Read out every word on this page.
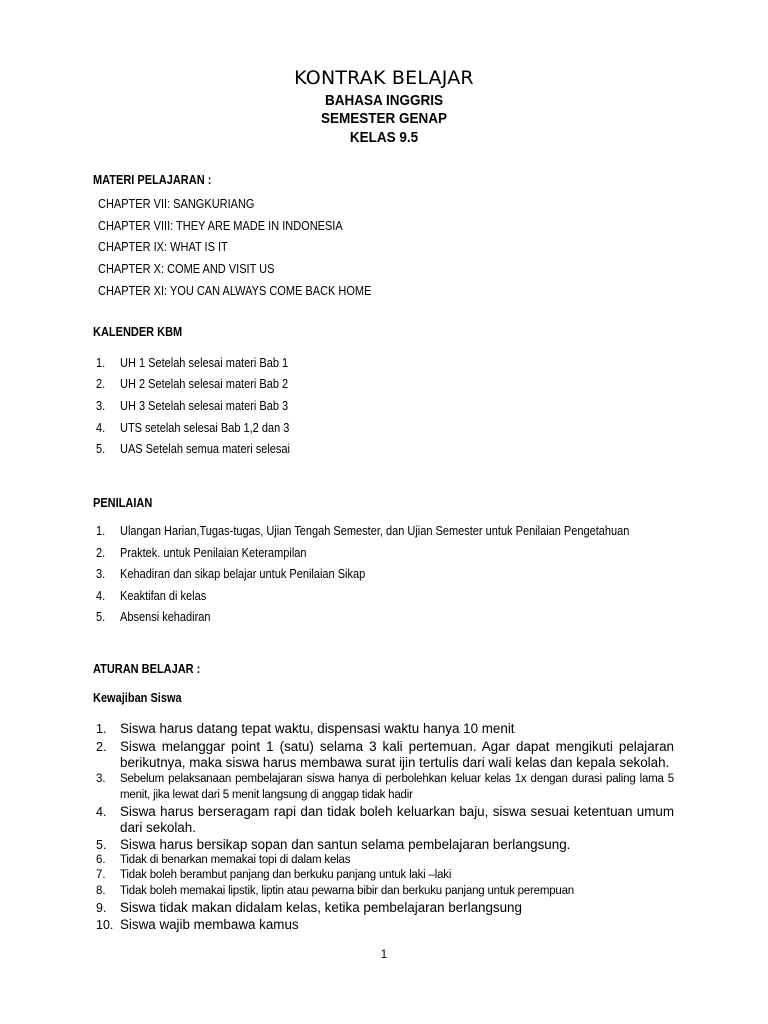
KONTRAK BELAJAR
BAHASA INGGRIS
SEMESTER GENAP
KELAS 9.5
MATERI PELAJARAN :
CHAPTER VII: SANGKURIANG
CHAPTER VIII: THEY ARE MADE IN INDONESIA
CHAPTER IX: WHAT IS IT
CHAPTER X: COME AND VISIT US
CHAPTER XI: YOU CAN ALWAYS COME BACK HOME
KALENDER KBM
1. UH 1 Setelah selesai materi Bab 1
2. UH 2 Setelah selesai materi Bab 2
3. UH 3 Setelah selesai materi Bab 3
4. UTS setelah selesai Bab 1,2 dan 3
5. UAS Setelah semua materi selesai
PENILAIAN
1. Ulangan Harian,Tugas-tugas, Ujian Tengah Semester, dan Ujian Semester untuk Penilaian Pengetahuan
2. Praktek. untuk Penilaian Keterampilan
3. Kehadiran dan sikap belajar untuk Penilaian Sikap
4. Keaktifan di kelas
5. Absensi kehadiran
ATURAN BELAJAR :
Kewajiban Siswa
1. Siswa harus datang tepat waktu, dispensasi waktu hanya 10 menit
2. Siswa melanggar point 1 (satu) selama 3 kali pertemuan. Agar dapat mengikuti pelajaran berikutnya, maka siswa harus membawa surat ijin tertulis dari wali kelas dan kepala sekolah.
3. Sebelum pelaksanaan pembelajaran siswa hanya di perbolehkan keluar kelas 1x dengan durasi paling lama 5 menit, jika lewat dari 5 menit langsung di anggap tidak hadir
4. Siswa harus berseragam rapi dan tidak boleh keluarkan baju, siswa sesuai ketentuan umum dari sekolah.
5. Siswa harus bersikap sopan dan santun selama pembelajaran berlangsung.
6. Tidak di benarkan memakai topi di dalam kelas
7. Tidak boleh berambut panjang dan berkuku panjang untuk laki –laki
8. Tidak boleh memakai lipstik, liptin atau pewarna bibir dan berkuku panjang untuk perempuan
9. Siswa tidak makan didalam kelas, ketika pembelajaran berlangsung
10. Siswa wajib membawa kamus
1
